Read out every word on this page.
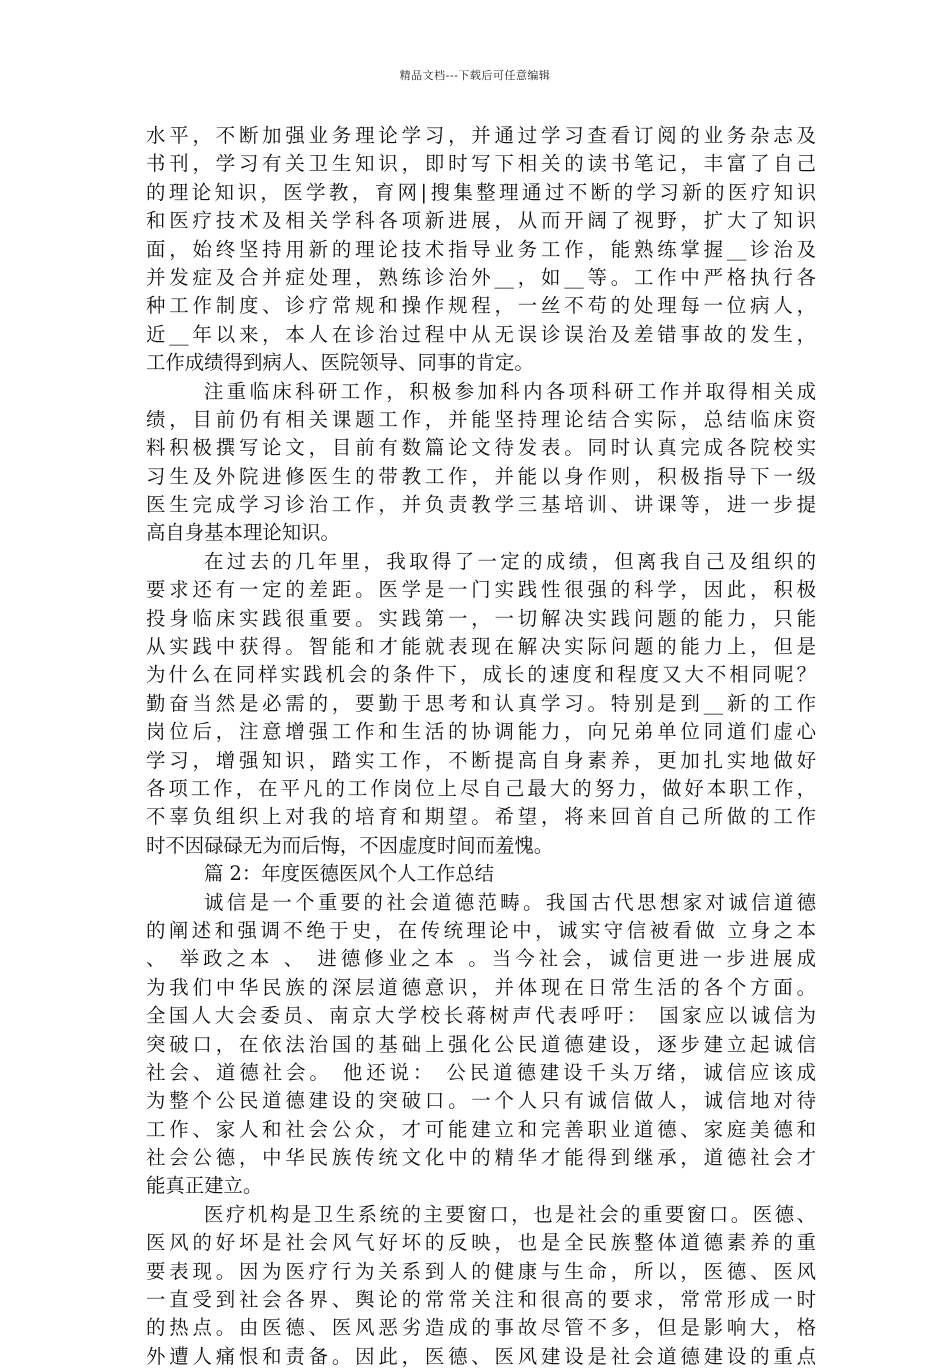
精品文档---下载后可任意编辑
水平，不断加强业务理论学习，并通过学习查看订阅的业务杂志及
书刊，学习有关卫生知识，即时写下相关的读书笔记，丰富了自己
的理论知识，医学教，育网|搜集整理通过不断的学习新的医疗知识
和医疗技术及相关学科各项新进展，从而开阔了视野，扩大了知识
面，始终坚持用新的理论技术指导业务工作，能熟练掌握__诊治及
并发症及合并症处理，熟练诊治外__，如__等。工作中严格执行各
种工作制度、诊疗常规和操作规程，一丝不苟的处理每一位病人，
近__年以来，本人在诊治过程中从无误诊误治及差错事故的发生，
工作成绩得到病人、医院领导、同事的肯定。
注重临床科研工作，积极参加科内各项科研工作并取得相关成
绩，目前仍有相关课题工作，并能坚持理论结合实际，总结临床资
料积极撰写论文，目前有数篇论文待发表。同时认真完成各院校实
习生及外院进修医生的带教工作，并能以身作则，积极指导下一级
医生完成学习诊治工作，并负责教学三基培训、讲课等，进一步提
高自身基本理论知识。
在过去的几年里，我取得了一定的成绩，但离我自己及组织的
要求还有一定的差距。医学是一门实践性很强的科学，因此，积极
投身临床实践很重要。实践第一，一切解决实践问题的能力，只能
从实践中获得。智能和才能就表现在解决实际问题的能力上，但是
为什么在同样实践机会的条件下，成长的速度和程度又大不相同呢？
勤奋当然是必需的，要勤于思考和认真学习。特别是到__新的工作
岗位后，注意增强工作和生活的协调能力，向兄弟单位同道们虚心
学习，增强知识，踏实工作，不断提高自身素养，更加扎实地做好
各项工作，在平凡的工作岗位上尽自己最大的努力，做好本职工作，
不辜负组织上对我的培育和期望。希望，将来回首自己所做的工作
时不因碌碌无为而后悔，不因虚度时间而羞愧。
篇 2：年度医德医风个人工作总结
诚信是一个重要的社会道德范畴。我国古代思想家对诚信道德
的阐述和强调不绝于史，在传统理论中，诚实守信被看做 立身之本
、 举政之本 、 进德修业之本 。当今社会，诚信更进一步进展成
为我们中华民族的深层道德意识，并体现在日常生活的各个方面。
全国人大会委员、南京大学校长蒋树声代表呼吁： 国家应以诚信为
突破口，在依法治国的基础上强化公民道德建设，逐步建立起诚信
社会、道德社会。 他还说： 公民道德建设千头万绪，诚信应该成
为整个公民道德建设的突破口。一个人只有诚信做人，诚信地对待
工作、家人和社会公众，才可能建立和完善职业道德、家庭美德和
社会公德，中华民族传统文化中的精华才能得到继承，道德社会才
能真正建立。
医疗机构是卫生系统的主要窗口，也是社会的重要窗口。医德、
医风的好坏是社会风气好坏的反映，也是全民族整体道德素养的重
要表现。因为医疗行为关系到人的健康与生命，所以，医德、医风
一直受到社会各界、舆论的常常关注和很高的要求，常常形成一时
的热点。由医德、医风恶劣造成的事故尽管不多，但是影响大，格
外遭人痛恨和责备。因此，医德、医风建设是社会道德建设的重点
